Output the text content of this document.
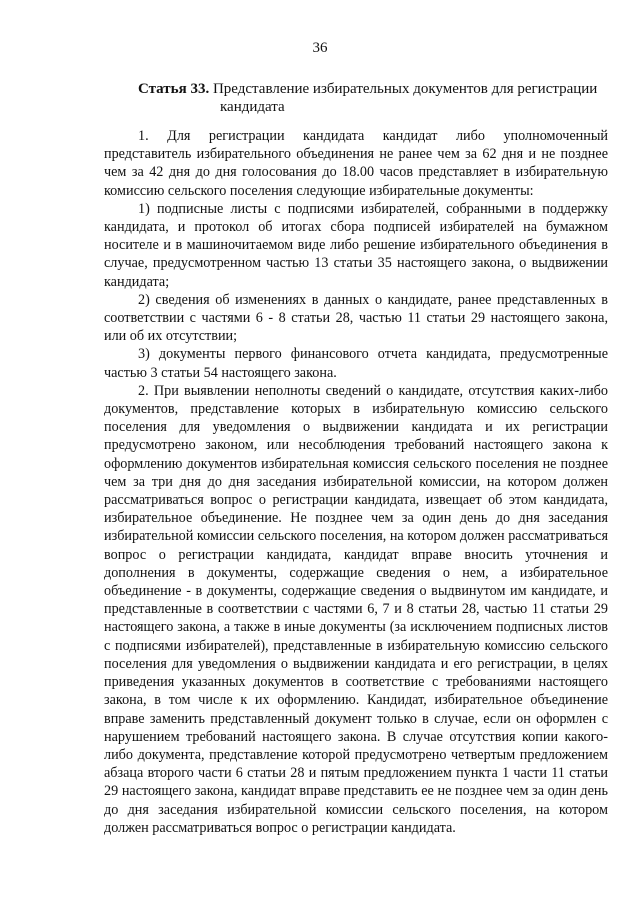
36
Статья 33. Представление избирательных документов для регистрации
кандидата

1. Для регистрации кандидата кандидат либо уполномоченный представитель избирательного объединения не ранее чем за 62 дня и не позднее чем за 42 дня до дня голосования до 18.00 часов представляет в избирательную комиссию сельского поселения следующие избирательные документы:

1) подписные листы с подписями избирателей, собранными в поддержку кандидата, и протокол об итогах сбора подписей избирателей на бумажном носителе и в машиночитаемом виде либо решение избирательного объединения в случае, предусмотренном частью 13 статьи 35 настоящего закона, о выдвижении кандидата;

2) сведения об изменениях в данных о кандидате, ранее представленных в соответствии с частями 6 - 8 статьи 28, частью 11 статьи 29 настоящего закона, или об их отсутствии;

3) документы первого финансового отчета кандидата, предусмотренные частью 3 статьи 54 настоящего закона.

2. При выявлении неполноты сведений о кандидате, отсутствия каких-либо документов, представление которых в избирательную комиссию сельского поселения для уведомления о выдвижении кандидата и их регистрации предусмотрено законом, или несоблюдения требований настоящего закона к оформлению документов избирательная комиссия сельского поселения не позднее чем за три дня до дня заседания избирательной комиссии, на котором должен рассматриваться вопрос о регистрации кандидата, извещает об этом кандидата, избирательное объединение. Не позднее чем за один день до дня заседания избирательной комиссии сельского поселения, на котором должен рассматриваться вопрос о регистрации кандидата, кандидат вправе вносить уточнения и дополнения в документы, содержащие сведения о нем, а избирательное объединение - в документы, содержащие сведения о выдвинутом им кандидате, и представленные в соответствии с частями 6, 7 и 8 статьи 28, частью 11 статьи 29 настоящего закона, а также в иные документы (за исключением подписных листов с подписями избирателей), представленные в избирательную комиссию сельского поселения для уведомления о выдвижении кандидата и его регистрации, в целях приведения указанных документов в соответствие с требованиями настоящего закона, в том числе к их оформлению. Кандидат, избирательное объединение вправе заменить представленный документ только в случае, если он оформлен с нарушением требований настоящего закона. В случае отсутствия копии какого-либо документа, представление которой предусмотрено четвертым предложением абзаца второго части 6 статьи 28 и пятым предложением пункта 1 части 11 статьи 29 настоящего закона, кандидат вправе представить ее не позднее чем за один день до дня заседания избирательной комиссии сельского поселения, на котором должен рассматриваться вопрос о регистрации кандидата.
